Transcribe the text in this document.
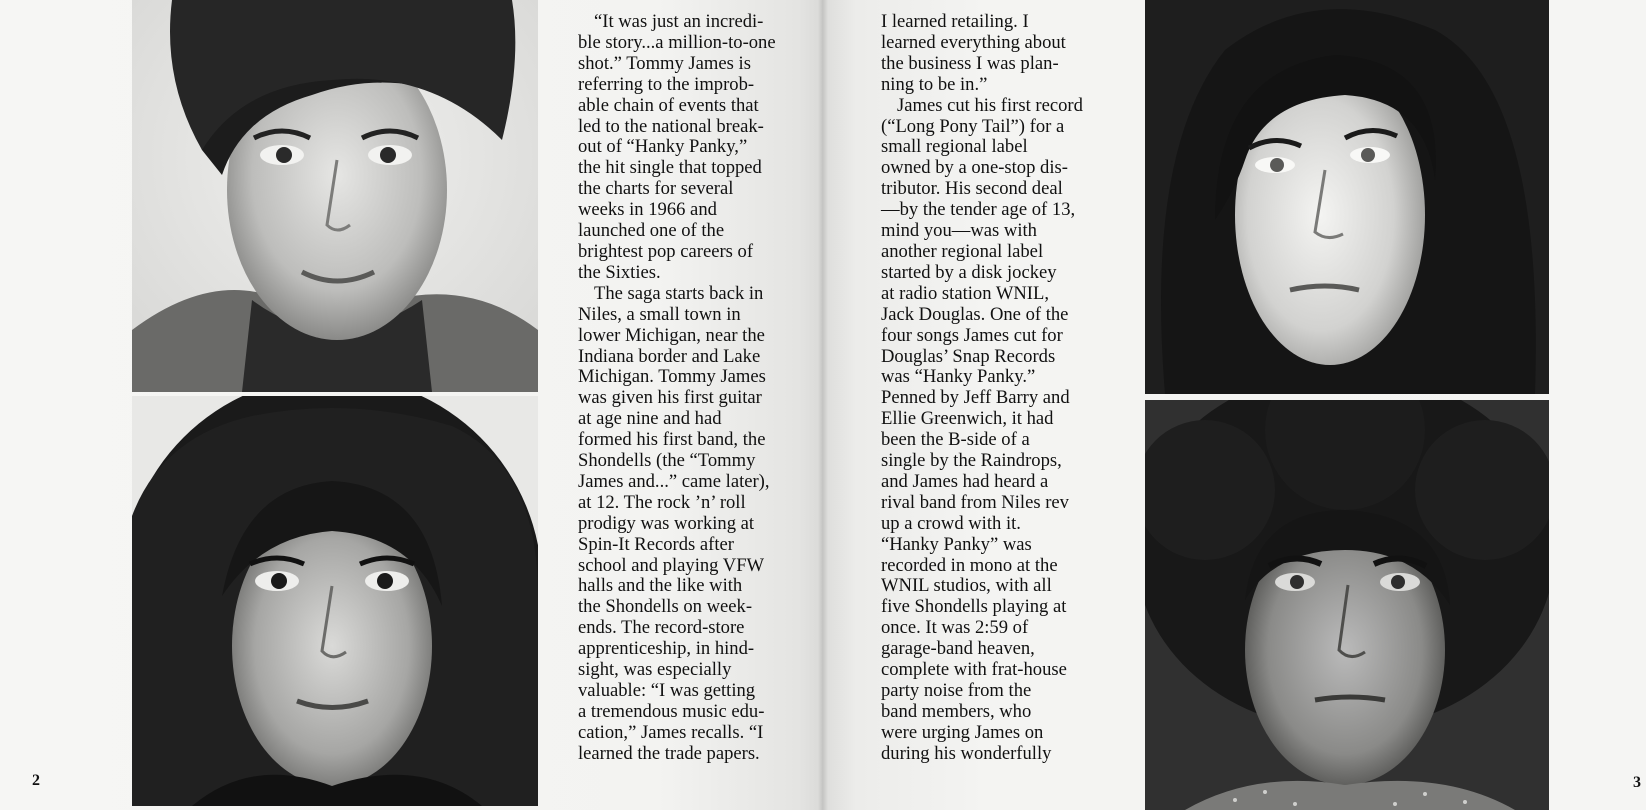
“It was just an incredi-
ble story...a million-to-one
shot.” Tommy James is
referring to the improb-
able chain of events that
led to the national break-
out of “Hanky Panky,”
the hit single that topped
the charts for several
weeks in 1966 and
launched one of the
brightest pop careers of
the Sixties.

The saga starts back in
Niles, a small town in
lower Michigan, near the
Indiana border and Lake
Michigan. Tommy James
was given his first guitar
at age nine and had
formed his first band, the
Shondells (the “Tommy
James and...” came later),
at 12. The rock ’n’ roll
prodigy was working at
Spin-It Records after
school and playing VFW
halls and the like with
the Shondells on week-
ends. The record-store
apprenticeship, in hind-
sight, was especially
valuable: “I was getting
a tremendous music edu-
cation,” James recalls. “I
learned the trade papers.

2

I learned retailing. I
learned everything about
the business I was plan-
ning to be in.”

James cut his first record
(“Long Pony Tail”) for a
small regional label
owned by a one-stop dis-
tributor. His second deal
—by the tender age of 13,
mind you—was with
another regional label
started by a disk jockey
at radio station WNIL,
Jack Douglas. One of the
four songs James cut for
Douglas’ Snap Records
was “Hanky Panky.”
Penned by Jeff Barry and
Ellie Greenwich, it had
been the B-side of a
single by the Raindrops,
and James had heard a
rival band from Niles rev
up a crowd with it.
“Hanky Panky” was
recorded in mono at the
WNIL studios, with all
five Shondells playing at
once. It was 2:59 of
garage-band heaven,
complete with frat-house
party noise from the
band members, who
were urging James on
during his wonderfully

3
